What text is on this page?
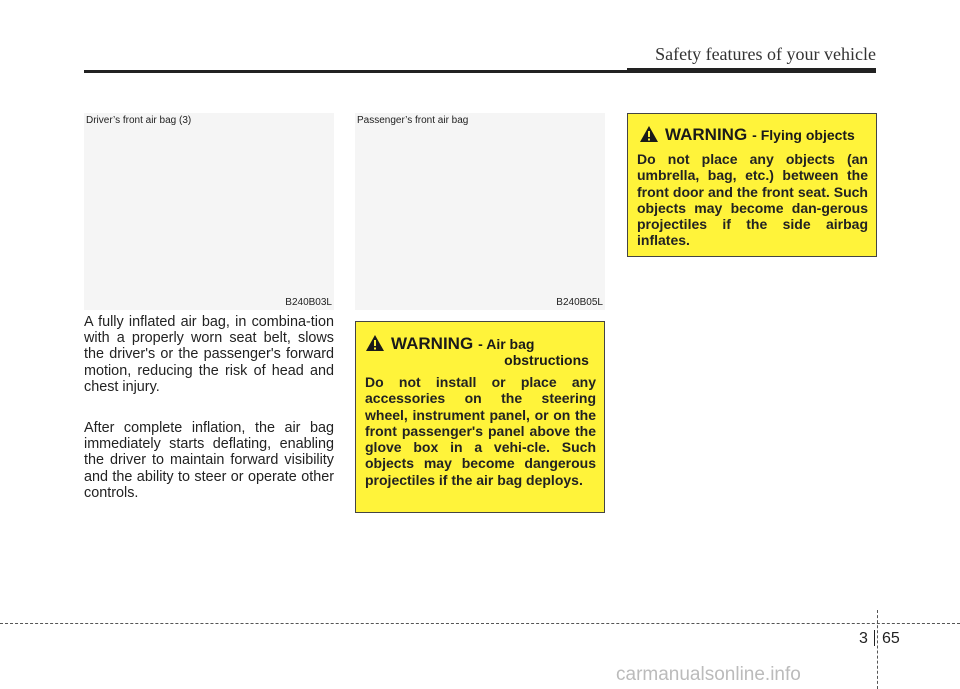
Safety features of your vehicle
Driver’s front air bag (3)
B240B03L
Passenger’s front air bag
B240B05L

A fully inflated air bag, in combina-tion with a properly worn seat belt, slows the driver's or the passenger's forward motion, reducing the risk of head and chest injury.

After complete inflation, the air bag immediately starts deflating, enabling the driver to maintain forward visibility and the ability to steer or operate other controls.

WARNING - Air bag
obstructions

Do not install or place any accessories on the steering wheel, instrument panel, or on the front passenger's panel above the glove box in a vehi-cle. Such objects may become dangerous projectiles if the air bag deploys.

WARNING - Flying objects

Do not place any objects (an umbrella, bag, etc.) between the front door and the front seat. Such objects may become dan-gerous projectiles if the side airbag inflates.

3 65
carmanualsonline.info
